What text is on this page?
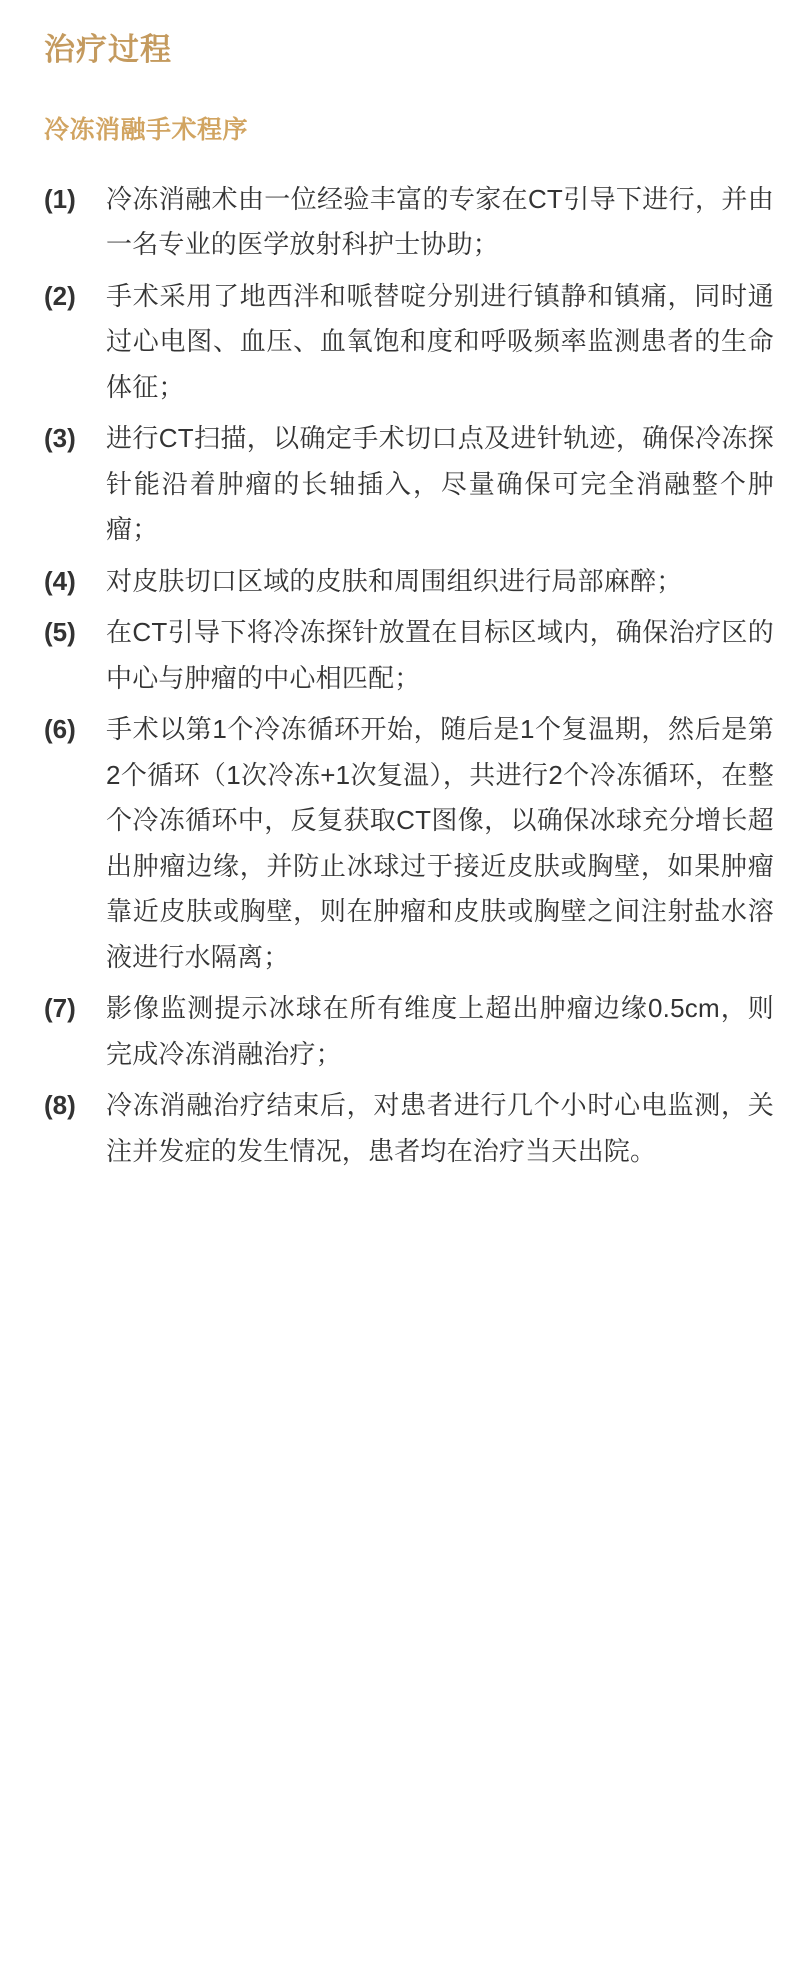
治疗过程
冷冻消融手术程序
(1)	冷冻消融术由一位经验丰富的专家在CT引导下进行，并由一名专业的医学放射科护士协助；
(2)	手术采用了地西泮和哌替啶分别进行镇静和镇痛，同时通过心电图、血压、血氧饱和度和呼吸频率监测患者的生命体征；
(3)	进行CT扫描，以确定手术切口点及进针轨迹，确保冷冻探针能沿着肿瘤的长轴插入，尽量确保可完全消融整个肿瘤；
(4)	对皮肤切口区域的皮肤和周围组织进行局部麻醉；
(5)	在CT引导下将冷冻探针放置在目标区域内，确保治疗区的中心与肿瘤的中心相匹配；
(6)	手术以第1个冷冻循环开始，随后是1个复温期，然后是第2个循环（1次冷冻+1次复温），共进行2个冷冻循环，在整个冷冻循环中，反复获取CT图像，以确保冰球充分增长超出肿瘤边缘，并防止冰球过于接近皮肤或胸壁，如果肿瘤靠近皮肤或胸壁，则在肿瘤和皮肤或胸壁之间注射盐水溶液进行水隔离；
(7)	影像监测提示冰球在所有维度上超出肿瘤边缘0.5cm，则完成冷冻消融治疗；
(8)	冷冻消融治疗结束后，对患者进行几个小时心电监测，关注并发症的发生情况，患者均在治疗当天出院。
